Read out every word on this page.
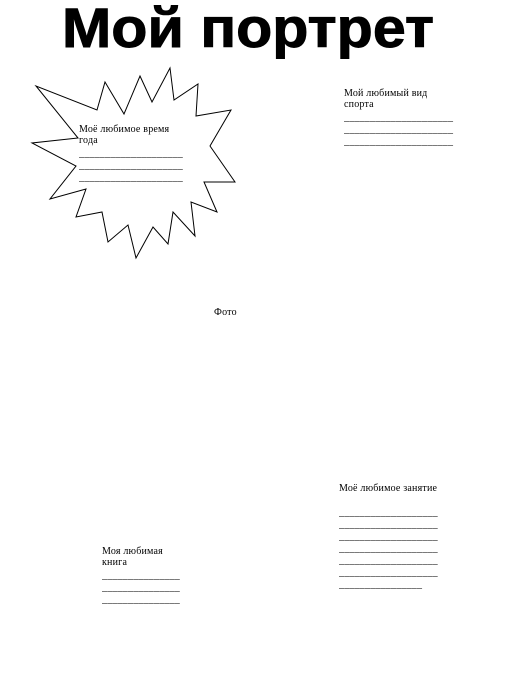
Мой портрет
Моё любимое время года
____________________
____________________
____________________
Мой любимый вид спорта
_____________________
_____________________
_____________________
Фото
Моё любимое занятие
___________________
___________________
___________________
___________________
___________________
___________________
________________
Моя любимая книга
_______________
_______________
_______________
